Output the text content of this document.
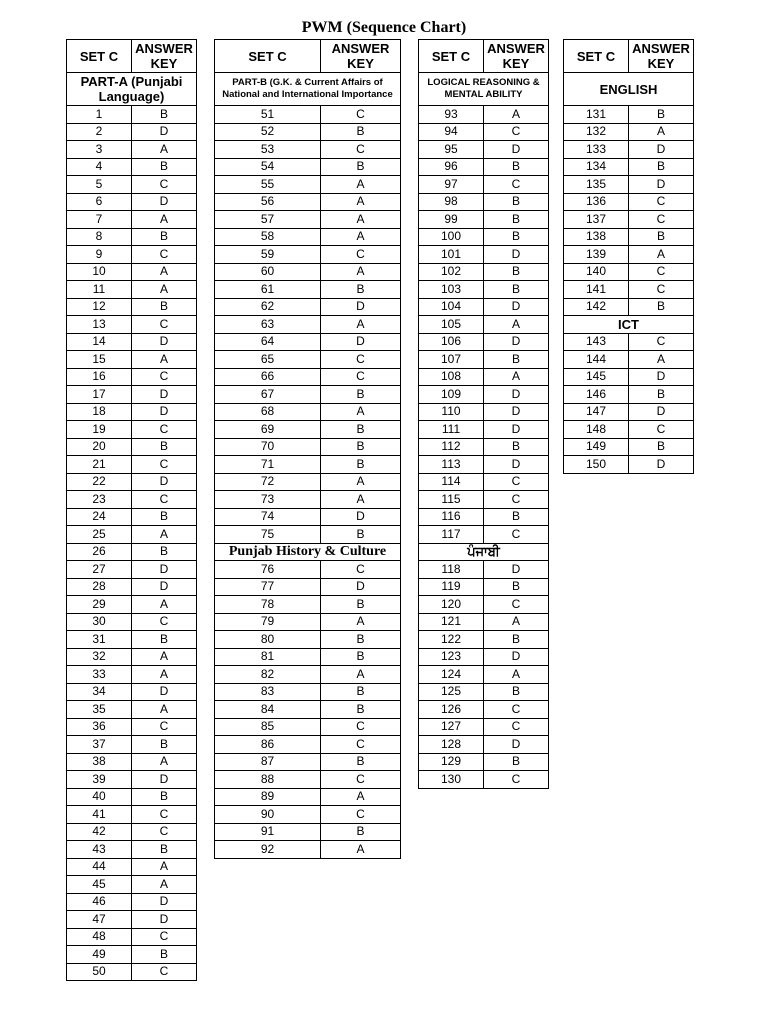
PWM (Sequence Chart)
SET C	ANSWER KEY
PART-A (Punjabi Language)	
1	B
2	D
3	A
4	B
5	C
6	D
7	A
8	B
9	C
10	A
11	A
12	B
13	C
14	D
15	A
16	C
17	D
18	D
19	C
20	B
21	C
22	D
23	C
24	B
25	A
26	B
27	D
28	D
29	A
30	C
31	B
32	A
33	A
34	D
35	A
36	C
37	B
38	A
39	D
40	B
41	C
42	C
43	B
44	A
45	A
46	D
47	D
48	C
49	B
50	C
SET C	ANSWER KEY
PART-B (G.K. & Current Affairs of National and International Importance	
51	C
52	B
53	C
54	B
55	A
56	A
57	A
58	A
59	C
60	A
61	B
62	D
63	A
64	D
65	C
66	C
67	B
68	A
69	B
70	B
71	B
72	A
73	A
74	D
75	B
Punjab History & Culture	
76	C
77	D
78	B
79	A
80	B
81	B
82	A
83	B
84	B
85	C
86	C
87	B
88	C
89	A
90	C
91	B
92	A
SET C	ANSWER KEY
LOGICAL REASONING & MENTAL ABILITY	
93	A
94	C
95	D
96	B
97	C
98	B
99	B
100	B
101	D
102	B
103	B
104	D
105	A
106	D
107	B
108	A
109	D
110	D
111	D
112	B
113	D
114	C
115	C
116	B
117	C
ਪੰਜਾਬੀ	
118	D
119	B
120	C
121	A
122	B
123	D
124	A
125	B
126	C
127	C
128	D
129	B
130	C
SET C	ANSWER KEY
ENGLISH	
131	B
132	A
133	D
134	B
135	D
136	C
137	C
138	B
139	A
140	C
141	C
142	B
ICT	
143	C
144	A
145	D
146	B
147	D
148	C
149	B
150	D
